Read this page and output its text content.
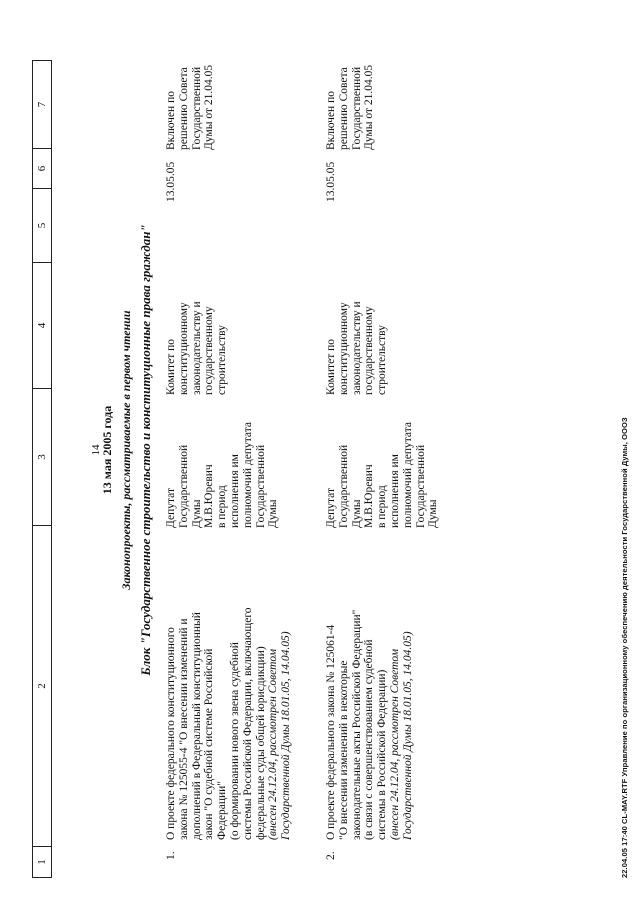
14
1
2
3
4
5
6
7
13 мая 2005 года Законопроекты, рассматриваемые в первом чтении Блок "Государственное строительство и конституционные права граждан"
1.
О проекте федерального конституционного закона № 125055-4 "О внесении изменений и дополнений в Федеральный конституционный закон "О судебной системе Российской Федерации" (о формировании нового звена судебной системы Российской Федерации, включающего федеральные суды общей юрисдикции) (внесен 24.12.04, рассмотрен Советом Государственной Думы 18.01.05, 14.04.05)
Депутат Государственной Думы М.В.Юревич в период исполнения им полномочий депутата Государственной Думы
Комитет по конституционному законодательству и государственному строительству
13.05.05
Включен по решению Совета Государственной Думы от 21.04.05
2.
О проекте федерального закона № 125061-4 "О внесении изменений в некоторые законодательные акты Российской Федерации" (в связи с совершенствованием судебной системы в Российской Федерации) (внесен 24.12.04, рассмотрен Советом Государственной Думы 18.01.05, 14.04.05)
Депутат Государственной Думы М.В.Юревич в период исполнения им полномочий депутата Государственной Думы
Комитет по конституционному законодательству и государственному строительству
13.05.05
Включен по решению Совета Государственной Думы от 21.04.05
22.04.05 17:40 CL-MAY.RTF Управление по организационному обеспечению деятельности Государственной Думы, ОООЗ
